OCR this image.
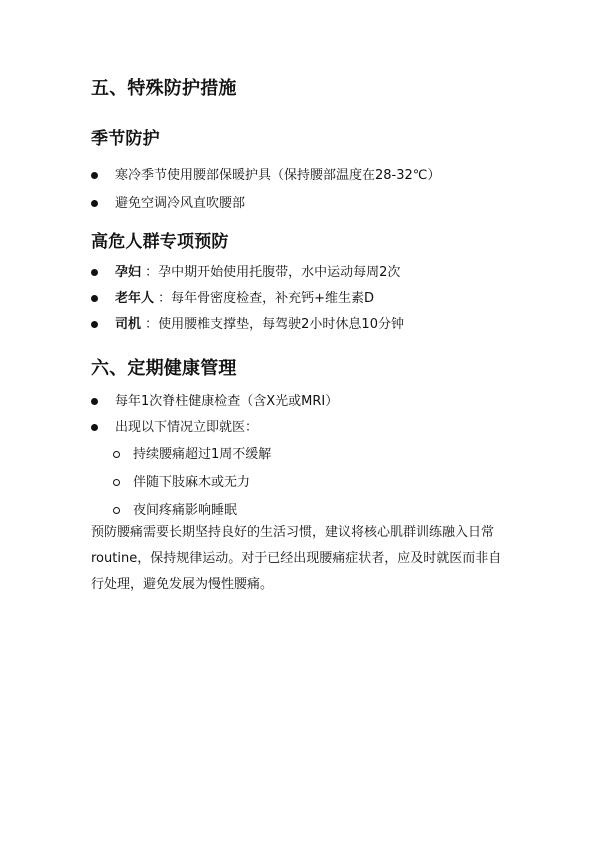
五、特殊防护措施
季节防护
寒冷季节使用腰部保暖护具（保持腰部温度在28-32℃）
避免空调冷风直吹腰部
高危人群专项预防
孕妇 ：孕中期开始使用托腹带，水中运动每周2次
老年人 ：每年骨密度检查，补充钙+维生素D
司机 ：使用腰椎支撑垫，每驾驶2小时休息10分钟
六、定期健康管理
每年1次脊柱健康检查（含X光或MRI）
出现以下情况立即就医：
持续腰痛超过1周不缓解
伴随下肢麻木或无力
夜间疼痛影响睡眠

预防腰痛需要长期坚持良好的生活习惯，建议将核心肌群训练融入日常routine，保持规律运动。对于已经出现腰痛症状者，应及时就医而非自行处理，避免发展为慢性腰痛。
